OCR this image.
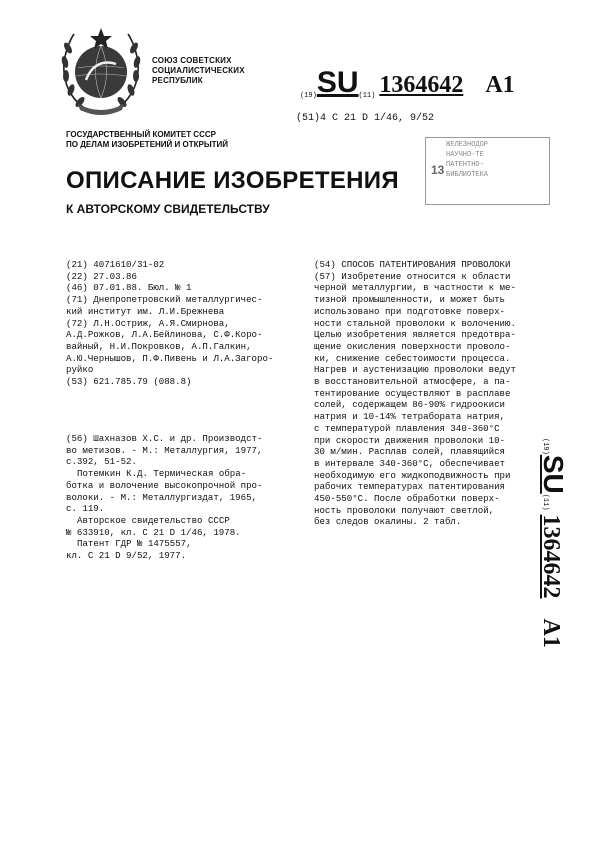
СОЮЗ СОВЕТСКИХ
СОЦИАЛИСТИЧЕСКИХ
РЕСПУБЛИК
(19)SU(11) 1364642 A1
(51)4 С 21 D 1/46, 9/52
ГОСУДАРСТВЕННЫЙ КОМИТЕТ СССР
ПО ДЕЛАМ ИЗОБРЕТЕНИЙ И ОТКРЫТИЙ
13
ЖЕЛЕЗНОДОР
НАУЧНО-ТЕ
ПАТЕНТНО-
БИБЛИОТЕКА
ОПИСАНИЕ ИЗОБРЕТЕНИЯ
К АВТОРСКОМУ СВИДЕТЕЛЬСТВУ
(21) 4071610/31-02
(22) 27.03.86
(46) 07.01.88. Бюл. № 1
(71) Днепропетровский металлургичес-
кий институт им. Л.И.Брежнева
(72) Л.Н.Остриж, А.Я.Смирнова,
А.Д.Рожков, Л.А.Бейлинова, С.Ф.Коро-
вайный, Н.И.Покровков, А.П.Галкин,
А.Ю.Чернышов, П.Ф.Пивень и Л.А.Загоро-
руйко
(53) 621.785.79 (088.8)
(56) Шахназов Х.С. и др. Производст-
во метизов. - М.: Металлургия, 1977,
с.392, 51-52.
Потемкин К.Д. Термическая обра-
ботка и волочение высокопрочной про-
волоки. - М.: Металлургиздат, 1965,
с. 119.
Авторское свидетельство СССР
№ 633910, кл. С 21 D 1/46, 1978.
Патент ГДР № 1475557,
кл. С 21 D 9/52, 1977.
(54) СПОСОБ ПАТЕНТИРОВАНИЯ ПРОВОЛОКИ
(57) Изобретение относится к области
черной металлургии, в частности к ме-
тизной промышленности, и может быть
использовано при подготовке поверх-
ности стальной проволоки к волочению.
Целью изобретения является предотвра-
щение окисления поверхности проволо-
ки, снижение себестоимости процесса.
Нагрев и аустенизацию проволоки ведут
в восстановительной атмосфере, а па-
тентирование осуществляют в расплаве
солей, содержащем 86-90% гидроокиси
натрия и 10-14% тетрабората натрия,
с температурой плавления 340-360°С
при скорости движения проволоки 10-
30 м/мин. Расплав солей, плавящийся
в интервале 340-360°С, обеспечивает
необходимую его жидкоподвижность при
рабочих температурах патентирования
450-550°С. После обработки поверх-
ность проволоки получают светлой,
без следов окалины. 2 табл.
(19)SU(11)1364642A1
